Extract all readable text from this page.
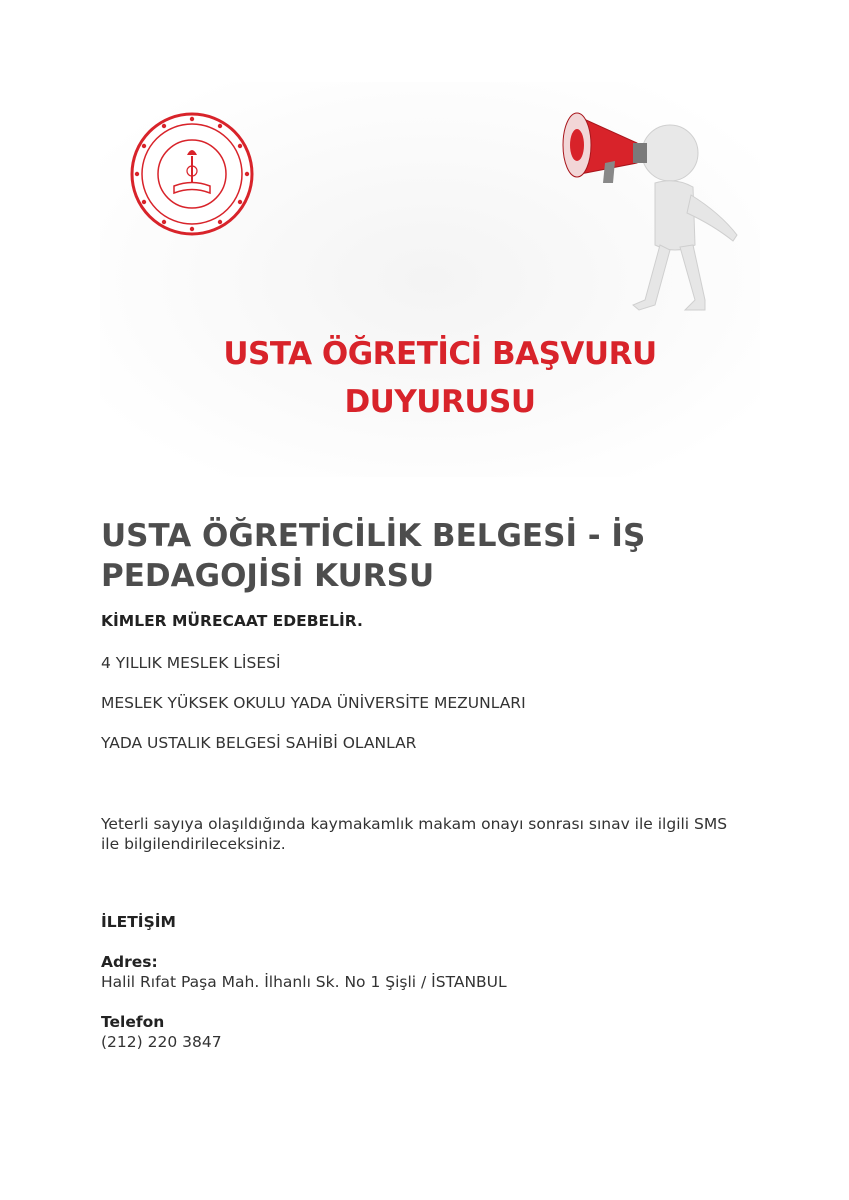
USTA ÖĞRETİCİ BAŞVURU
DUYURUSU
USTA ÖĞRETİCİLİK BELGESİ - İŞ PEDAGOJİSİ KURSU
KİMLER MÜRECAAT EDEBELİR.
4 YILLIK MESLEK LİSESİ
MESLEK YÜKSEK OKULU YADA ÜNİVERSİTE MEZUNLARI
YADA USTALIK BELGESİ SAHİBİ OLANLAR
Yeterli sayıya olaşıldığında kaymakamlık makam onayı sonrası sınav ile ilgili SMS ile bilgilendirileceksiniz.
İLETİŞİM
Adres:
Halil Rıfat Paşa Mah. İlhanlı Sk. No 1 Şişli / İSTANBUL
Telefon
(212) 220 3847
